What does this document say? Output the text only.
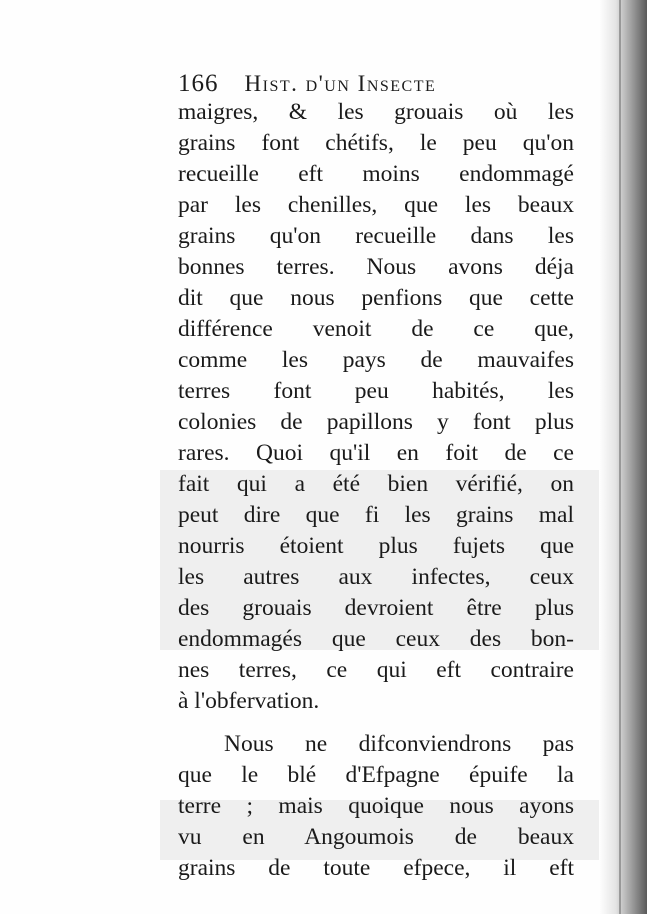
166 Hist. d'un Insecte
maigres, & les grouais où les
grains font chétifs, le peu qu'on
recueille eft moins endommagé
par les chenilles, que les beaux
grains qu'on recueille dans les
bonnes terres. Nous avons déja
dit que nous penfions que cette
différence venoit de ce que,
comme les pays de mauvaifes
terres font peu habités, les
colonies de papillons y font plus
rares. Quoi qu'il en foit de ce
fait qui a été bien vérifié, on
peut dire que fi les grains mal
nourris étoient plus fujets que
les autres aux infectes, ceux
des grouais devroient être plus
endommagés que ceux des bon-
nes terres, ce qui eft contraire
à l'obfervation.
Nous ne difconviendrons pas
que le blé d'Efpagne épuife la
terre ; mais quoique nous ayons
vu en Angoumois de beaux
grains de toute efpece, il eft
